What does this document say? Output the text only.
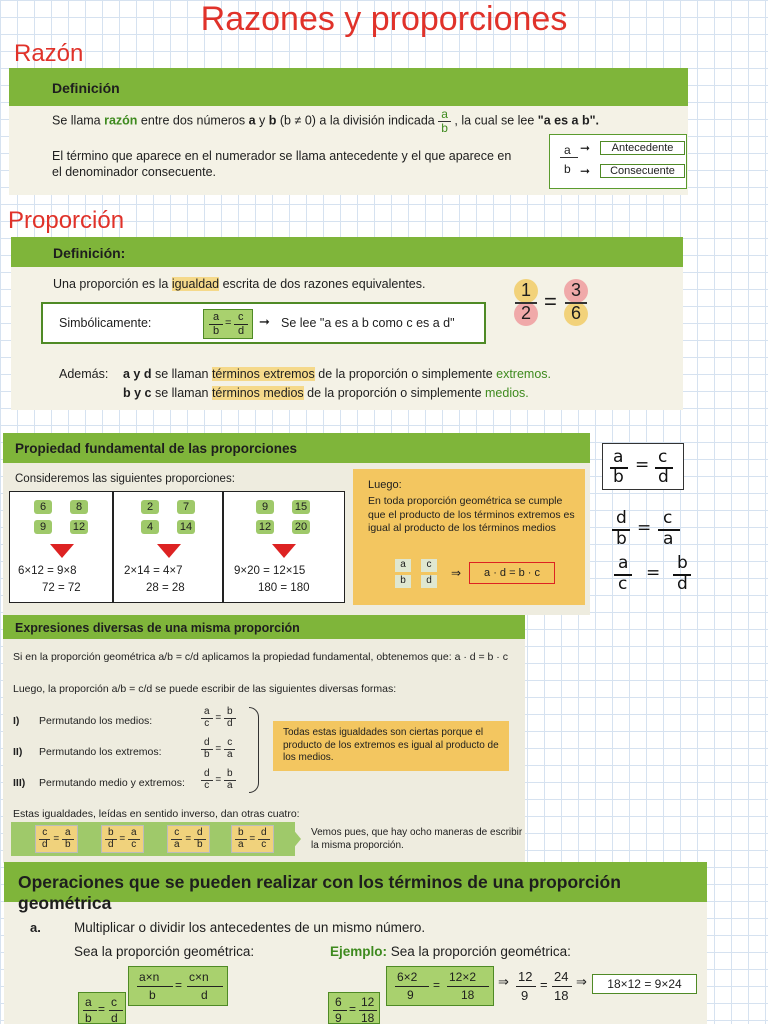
Razones y proporciones
Razón
Definición
Se llama razón entre dos números a y b (b ≠ 0) a la división indicada $\frac{a}{b}$ , la cual se lee "a es a b".
El término que aparece en el numerador se llama antecedente y el que aparece en el denominador consecuente.
a
b
➞
➞
Antecedente
Consecuente
Proporción
Definición:
Una proporción es la igualdad escrita de dos razones equivalentes.
Simbólicamente:	a
b
= c
d
➞ Se lee "a es a b como c es a d"
1
2 = 3
6
Además: a y d se llaman términos extremos de la proporción o simplemente extremos.
b y c se llaman términos medios de la proporción o simplemente medios.
Propiedad fundamental de las proporciones
Consideremos las siguientes proporciones:
6	8
9	12
6×12 = 9×8
72 = 72
2	7
4	14
2×14 = 4×7
28 = 28
9	15
12 20
9×20 = 12×15
180 = 180
Luego:
En toda proporción geométrica se cumple que el producto de los términos extremos es igual al producto de los términos medios
a	c
b	d
⇒	a · d = b · c
a
b
= c
d
d
b
= c
a
a
c
= b
d
Expresiones diversas de una misma proporción
Si en la proporción geométrica a/b = c/d aplicamos la propiedad fundamental, obtenemos que: a · d = b · c
Luego, la proporción a/b = c/d se puede escribir de las siguientes diversas formas:
I) Permutando los medios:	$\frac{a}{c} = \frac{b}{d}$
II) Permutando los extremos:	$\frac{d}{b} = \frac{c}{a}$
III) Permutando medio y extremos: $\frac{d}{c} = \frac{b}{a}$
Todas estas igualdades son ciertas porque el producto de los extremos es igual al producto de los medios.
Estas igualdades, leídas en sentido inverso, dan otras cuatro:
$\frac{c}{d} = \frac{a}{b}$	$\frac{b}{d} = \frac{a}{c}$	$\frac{c}{a} = \frac{d}{b}$	$\frac{b}{a} = \frac{d}{c}$	Vemos pues, que hay ocho maneras de escribir la misma proporción.
Operaciones que se pueden realizar con los términos de una proporción geométrica
a. Multiplicar o dividir los antecedentes de un mismo número.
Sea la proporción geométrica:	Ejemplo: Sea la proporción geométrica:
a×n
b
=
c×n
d
a
b
= c
d
6×2
9
=
12×2
18
⇒ 12
9
=
24
18
⇒	18×12 = 9×24
6
9
= 12
18
